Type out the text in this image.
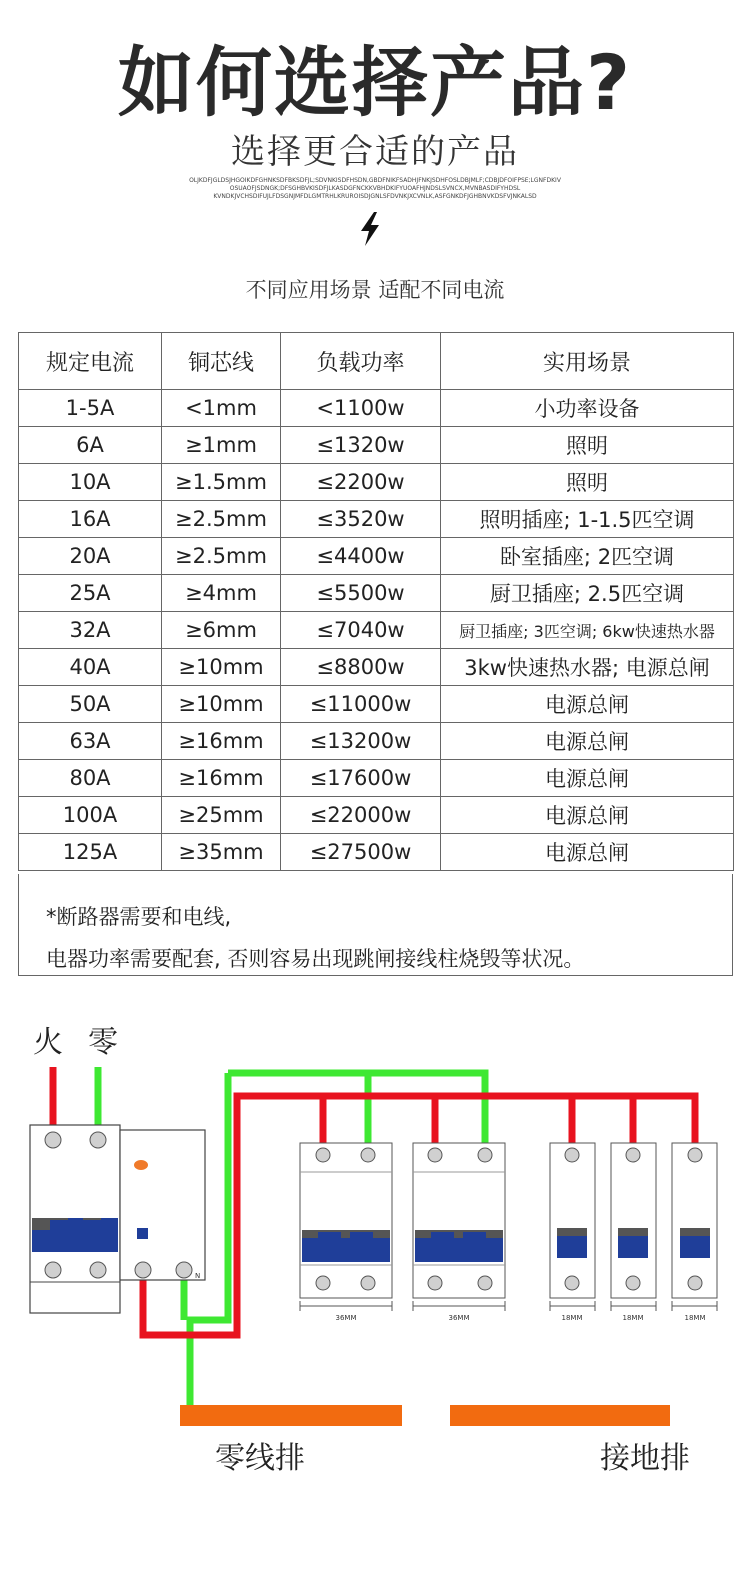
如何选择产品?
选择更合适的产品
OLJKDFJGLDSJHGOIKDFGHNKSDFBKSDFJL;SDVNKISDFHSDN,GBDFNIKFSADHJFNKJSDHFOSLDBJMLF;CDBJDFOIFPSE;LGNFDKIV
OSUAOFJSDNGK;DFSGHBVKISDFJLKASDGFNCKKVBHDKIFYUOAFHJNDSLSVNCX,MVNBASDIFYHDSL
KVNDKJVCHSDIFUJLFDSGNJMFDLGMTRHLKRUROISDJGNLSFDVNKJXCVNLK,ASFGNKDFJGHBNVKDSFVJNKALSD
不同应用场景 适配不同电流
规定电流	铜芯线	负载功率	实用场景
1-5A	<1mm	<1100w	小功率设备
6A	≥1mm	≤1320w	照明
10A	≥1.5mm	≤2200w	照明
16A	≥2.5mm	≤3520w	照明插座; 1-1.5匹空调
20A	≥2.5mm	≤4400w	卧室插座; 2匹空调
25A	≥4mm	≤5500w	厨卫插座; 2.5匹空调
32A	≥6mm	≤7040w	厨卫插座; 3匹空调; 6kw快速热水器
40A	≥10mm	≤8800w	3kw快速热水器; 电源总闸
50A	≥10mm	≤11000w	电源总闸
63A	≥16mm	≤13200w	电源总闸
80A	≥16mm	≤17600w	电源总闸
100A	≥25mm	≤22000w	电源总闸
125A	≥35mm	≤27500w	电源总闸
*断路器需要和电线,
电器功率需要配套, 否则容易出现跳闸接线柱烧毁等状况。
火 零
N
36MM	36MM	18MM	18MM	18MM
零线排	接地排
